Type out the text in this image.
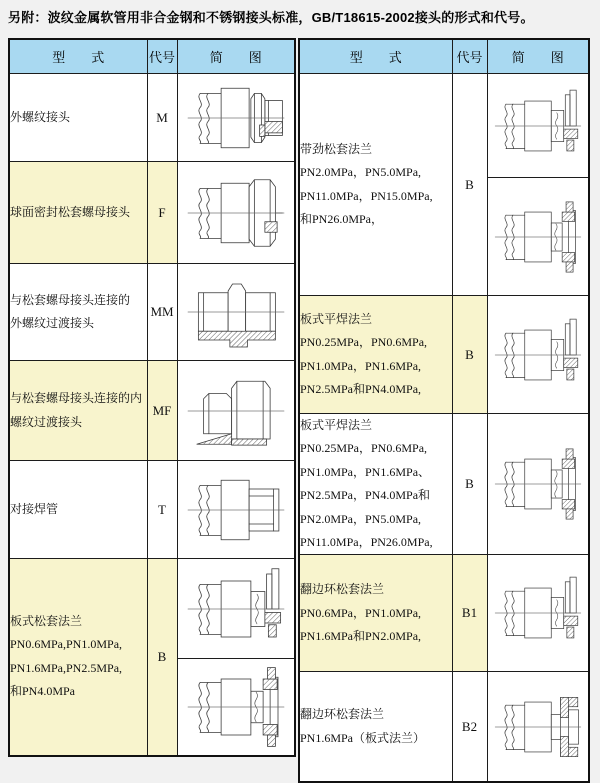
另附：波纹金属软管用非合金钢和不锈钢接头标准，GB/T18615-2002接头的形式和代号。
型　　式	代号	简　　图

外螺纹接头	M	

球面密封松套螺母接头	F	

与松套螺母接头连接的
外螺纹过渡接头	MM	

与松套螺母接头连接的内
螺纹过渡接头	MF	

对接焊管	T	

板式松套法兰
PN0.6MPa,PN1.0MPa,
PN1.6MPa,PN2.5MPa,
和PN4.0MPa	B	

型　　式	代号	简　　图

带劲松套法兰
PN2.0MPa，PN5.0MPa,
PN11.0MPa，PN15.0MPa,
和PN26.0MPa，	B	

板式平焊法兰
PN0.25MPa，PN0.6MPa,
PN1.0MPa，PN1.6MPa,
PN2.5MPa和PN4.0MPa,	B	

板式平焊法兰
PN0.25MPa，PN0.6MPa,
PN1.0MPa，PN1.6MPa、
PN2.5MPa，PN4.0MPa和
PN2.0MPa，PN5.0MPa,
PN11.0MPa，PN26.0MPa,
	B	

翻边环松套法兰
PN0.6MPa，PN1.0MPa,
PN1.6MPa和PN2.0MPa,	B1	

翻边环松套法兰
PN1.6MPa（板式法兰）	B2	
